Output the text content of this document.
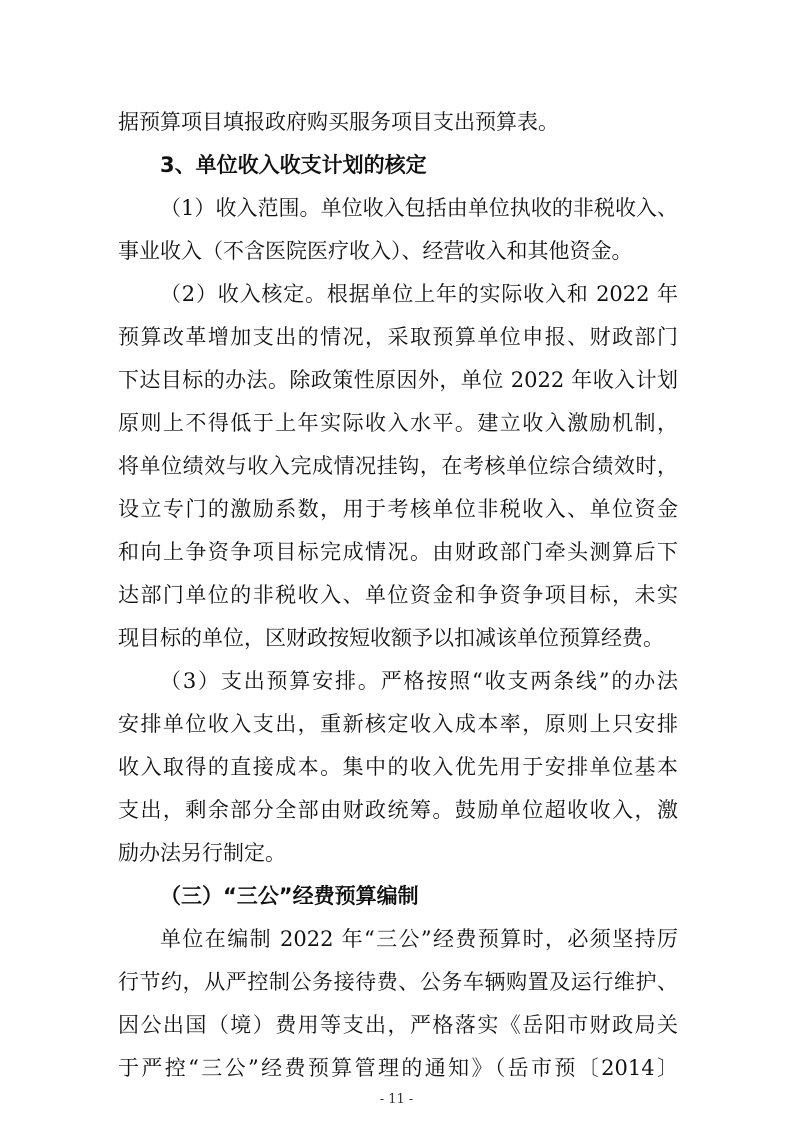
据预算项目填报政府购买服务项目支出预算表。
3、单位收入收支计划的核定
（1）收入范围。单位收入包括由单位执收的非税收入、
事业收入（不含医院医疗收入）、经营收入和其他资金。
（2）收入核定。根据单位上年的实际收入和 2022 年
预算改革增加支出的情况，采取预算单位申报、财政部门
下达目标的办法。除政策性原因外，单位 2022 年收入计划
原则上不得低于上年实际收入水平。建立收入激励机制，
将单位绩效与收入完成情况挂钩，在考核单位综合绩效时，
设立专门的激励系数，用于考核单位非税收入、单位资金
和向上争资争项目标完成情况。由财政部门牵头测算后下
达部门单位的非税收入、单位资金和争资争项目标，未实
现目标的单位，区财政按短收额予以扣减该单位预算经费。
（3）支出预算安排。严格按照“收支两条线”的办法
安排单位收入支出，重新核定收入成本率，原则上只安排
收入取得的直接成本。集中的收入优先用于安排单位基本
支出，剩余部分全部由财政统筹。鼓励单位超收收入，激
励办法另行制定。
（三）“三公”经费预算编制
单位在编制 2022 年“三公”经费预算时，必须坚持厉
行节约，从严控制公务接待费、公务车辆购置及运行维护、
因公出国（境）费用等支出，严格落实《岳阳市财政局关
- 11 -
于严控“三公”经费预算管理的通知》（岳市预〔2014〕
